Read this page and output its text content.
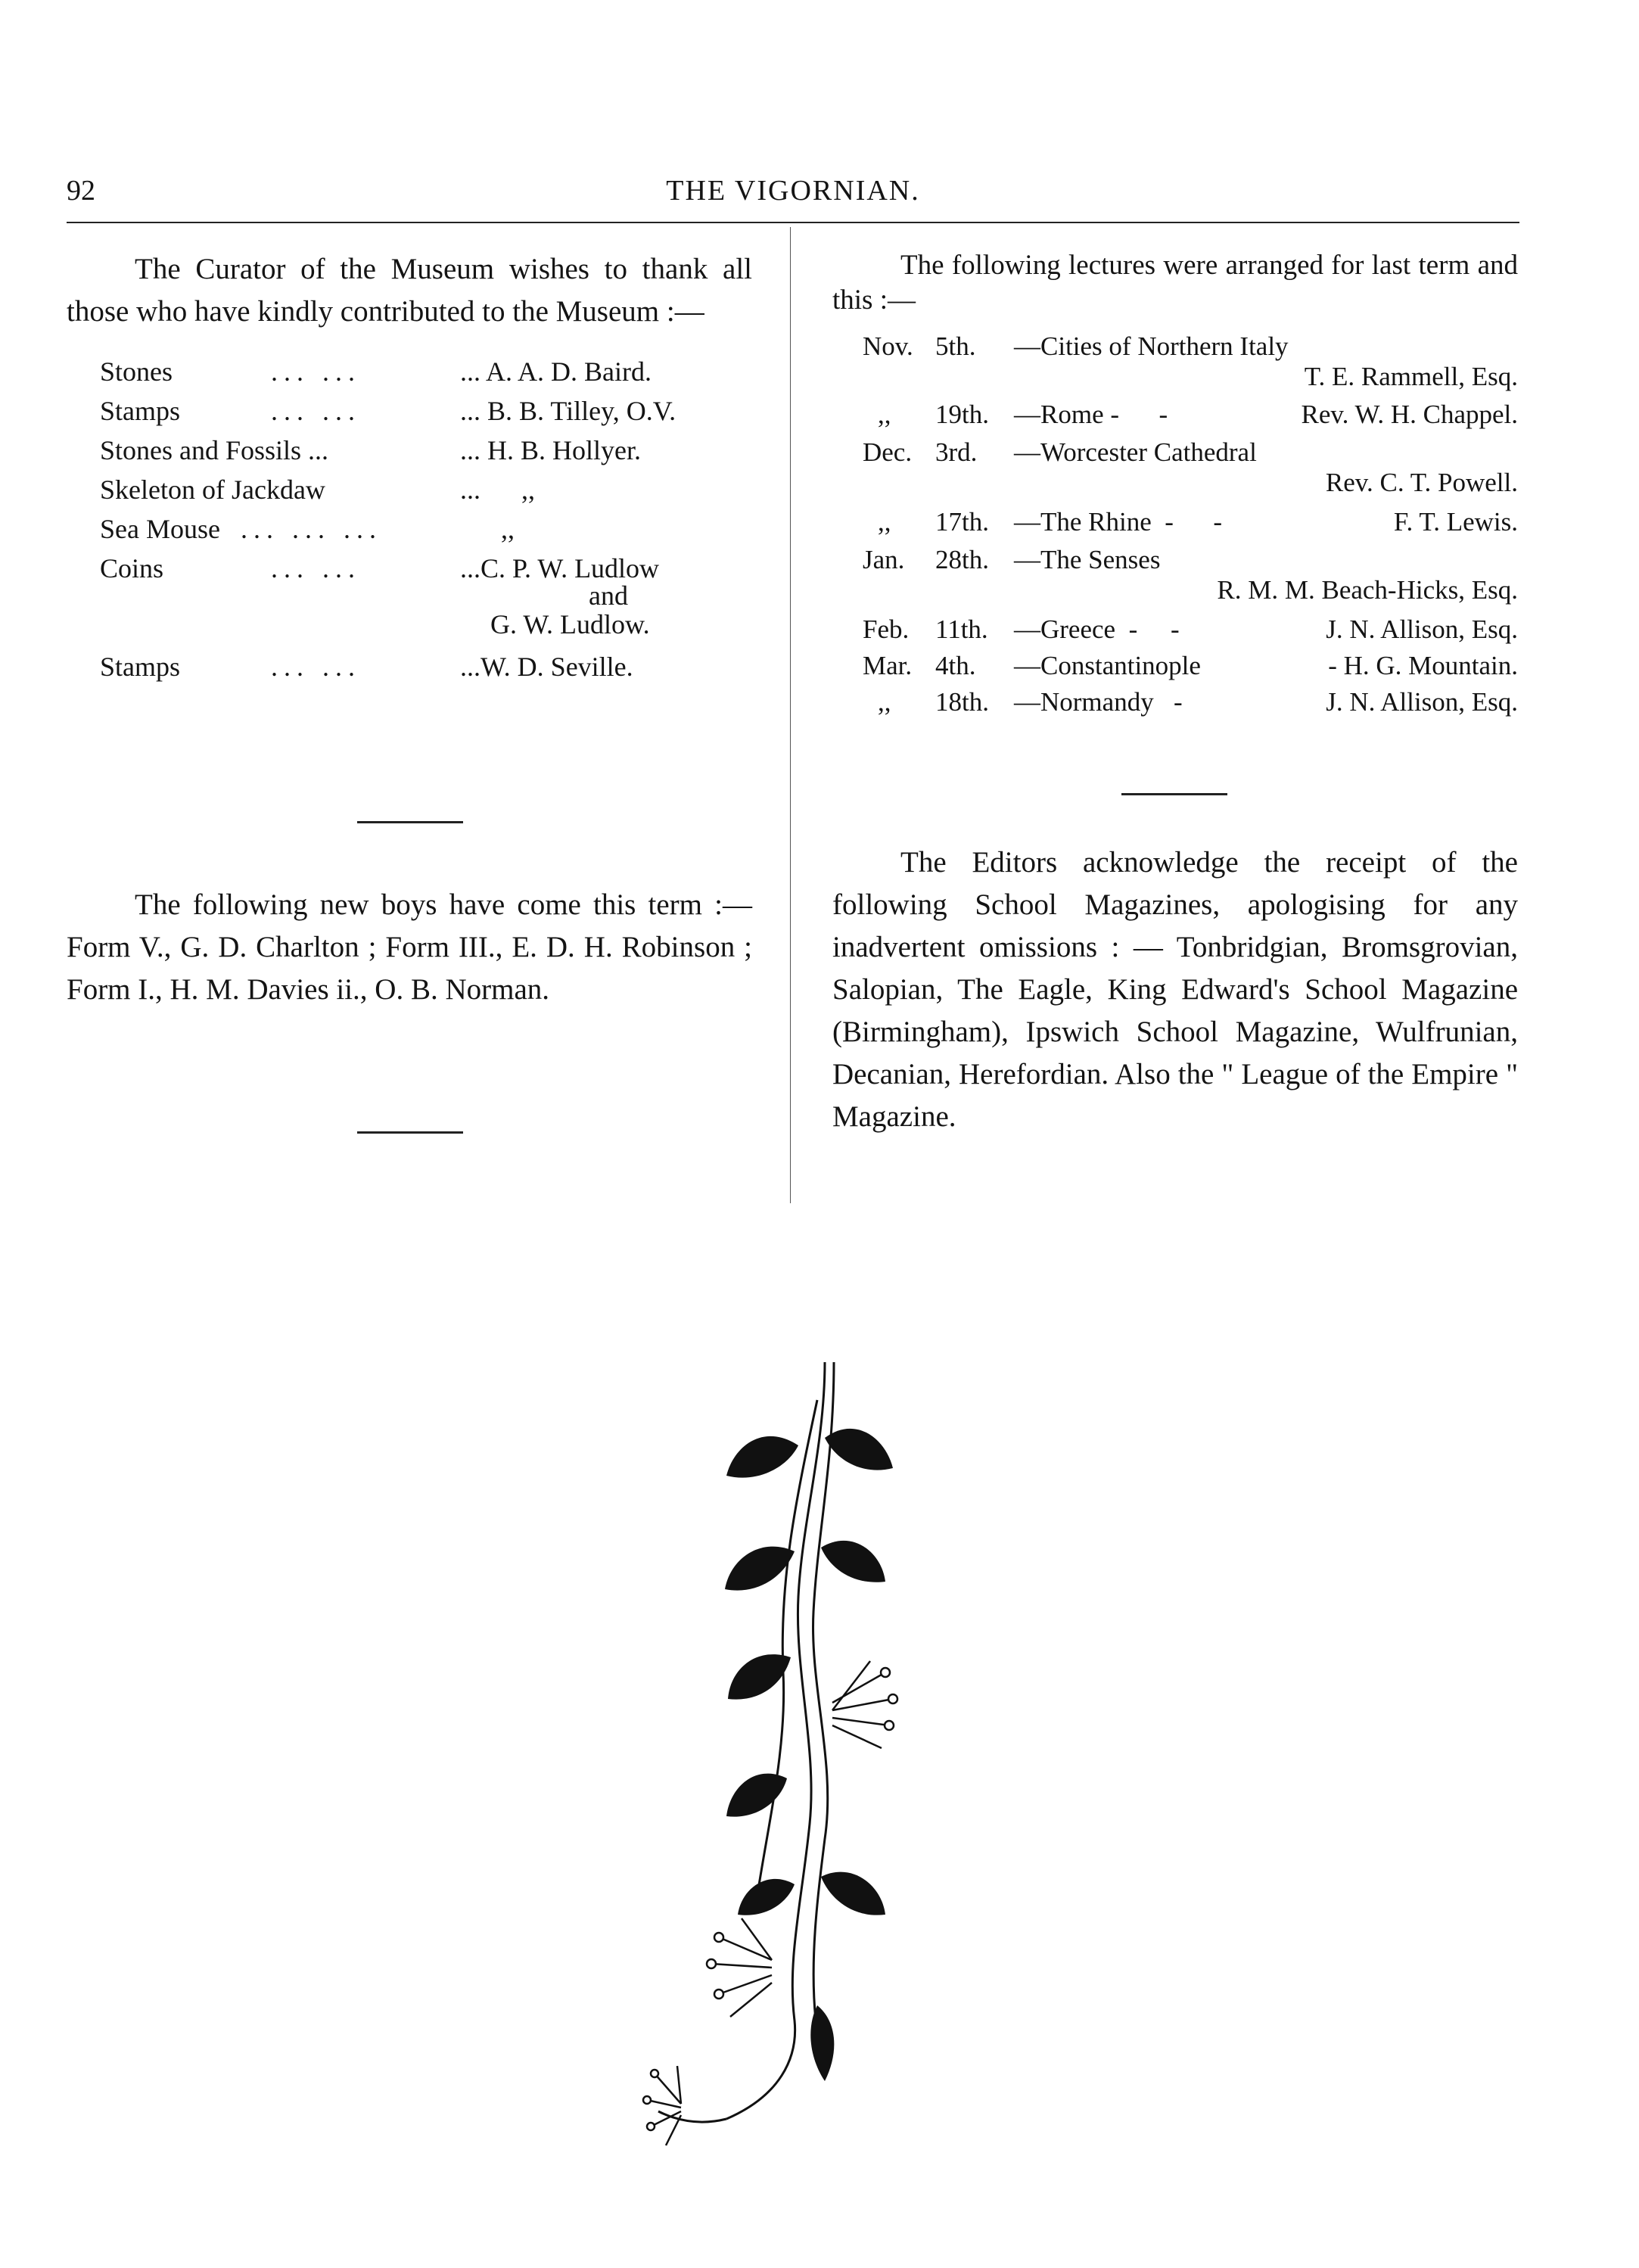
92	THE VIGORNIAN.

The Curator of the Museum wishes to thank all those who have kindly contributed to the Museum :—

Stones	... ...	... A. A. D. Baird.
Stamps	... ...	... B. B. Tilley, O.V.
Stones and Fossils ...	... H. B. Hollyer.
Skeleton of Jackdaw	...      ,,
Sea Mouse ... ... ...	,,
Coins	... ...	...C. P. W. Ludlow
and
G. W. Ludlow.
Stamps	... ...	...W. D. Seville.

The following new boys have come this term :—Form V., G. D. Charlton ; Form III., E. D. H. Robinson ; Form I., H. M. Davies ii., O. B. Norman.

The following lectures were arranged for last term and this :—

Nov. 5th. —Cities of Northern Italy
T. E. Rammell, Esq.
,, 19th. —Rome -      -	Rev. W. H. Chappel.
Dec. 3rd. —Worcester Cathedral
Rev. C. T. Powell.
,, 17th. —The Rhine  -      -	F. T. Lewis.
Jan. 28th. —The Senses
R. M. M. Beach-Hicks, Esq.
Feb. 11th. —Greece  -     -	J. N. Allison, Esq.
Mar. 4th. —Constantinople	- H. G. Mountain.
,, 18th. —Normandy   -	J. N. Allison, Esq.

The Editors acknowledge the receipt of the following School Magazines, apologising for any inadvertent omissions : — Tonbridgian, Bromsgrovian, Salopian, The Eagle, King Edward's School Magazine (Birmingham), Ipswich School Magazine, Wulfrunian, Decanian, Herefordian. Also the " League of the Empire " Magazine.
